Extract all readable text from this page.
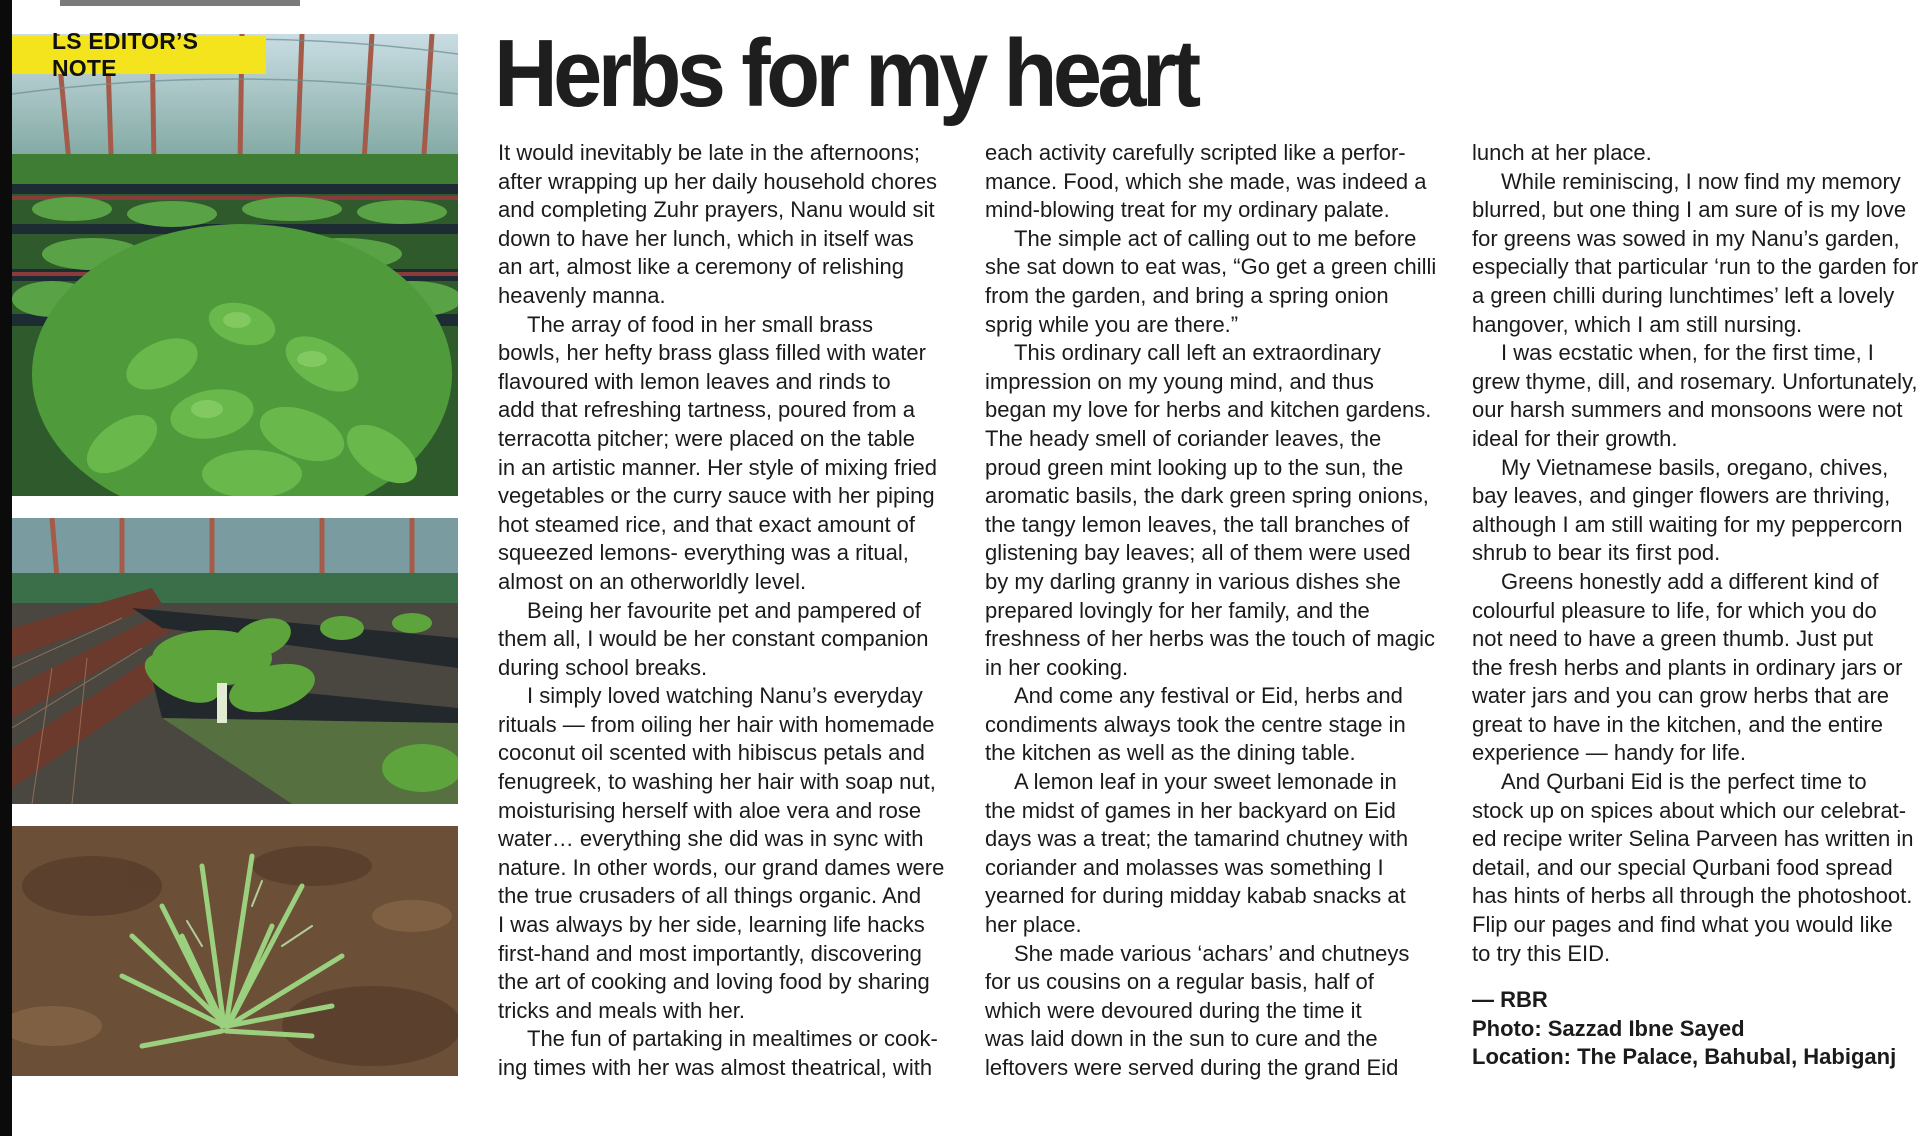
LS EDITOR’S NOTE	Herbs for my heart

It would inevitably be late in the afternoons;

after wrapping up her daily household chores

and completing Zuhr prayers, Nanu would sit

down to have her lunch, which in itself was

an art, almost like a ceremony of relishing

heavenly manna.

The array of food in her small brass

bowls, her hefty brass glass filled with water

flavoured with lemon leaves and rinds to

add that refreshing tartness, poured from a

terracotta pitcher; were placed on the table

in an artistic manner. Her style of mixing fried

vegetables or the curry sauce with her piping

hot steamed rice, and that exact amount of

squeezed lemons- everything was a ritual,

almost on an otherworldly level.

Being her favourite pet and pampered of

them all, I would be her constant companion

during school breaks.

I simply loved watching Nanu’s everyday

rituals — from oiling her hair with homemade

coconut oil scented with hibiscus petals and

fenugreek, to washing her hair with soap nut,

moisturising herself with aloe vera and rose

water… everything she did was in sync with

nature. In other words, our grand dames were

the true crusaders of all things organic. And

I was always by her side, learning life hacks

first-hand and most importantly, discovering

the art of cooking and loving food by sharing

tricks and meals with her.

The fun of partaking in mealtimes or cook-

ing times with her was almost theatrical, with

each activity carefully scripted like a perfor-

mance. Food, which she made, was indeed a

mind-blowing treat for my ordinary palate.

The simple act of calling out to me before

she sat down to eat was, “Go get a green chilli

from the garden, and bring a spring onion

sprig while you are there.”

This ordinary call left an extraordinary

impression on my young mind, and thus

began my love for herbs and kitchen gardens.

The heady smell of coriander leaves, the

proud green mint looking up to the sun, the

aromatic basils, the dark green spring onions,

the tangy lemon leaves, the tall branches of

glistening bay leaves; all of them were used

by my darling granny in various dishes she

prepared lovingly for her family, and the

freshness of her herbs was the touch of magic

in her cooking.

And come any festival or Eid, herbs and

condiments always took the centre stage in

the kitchen as well as the dining table.

A lemon leaf in your sweet lemonade in

the midst of games in her backyard on Eid

days was a treat; the tamarind chutney with

coriander and molasses was something I

yearned for during midday kabab snacks at

her place.

She made various ‘achars’ and chutneys

for us cousins on a regular basis, half of

which were devoured during the time it

was laid down in the sun to cure and the

leftovers were served during the grand Eid

lunch at her place.

While reminiscing, I now find my memory

blurred, but one thing I am sure of is my love

for greens was sowed in my Nanu’s garden,

especially that particular ‘run to the garden for

a green chilli during lunchtimes’ left a lovely

hangover, which I am still nursing.

I was ecstatic when, for the first time, I

grew thyme, dill, and rosemary. Unfortunately,

our harsh summers and monsoons were not

ideal for their growth.

My Vietnamese basils, oregano, chives,

bay leaves, and ginger flowers are thriving,

although I am still waiting for my peppercorn

shrub to bear its first pod.

Greens honestly add a different kind of

colourful pleasure to life, for which you do

not need to have a green thumb. Just put

the fresh herbs and plants in ordinary jars or

water jars and you can grow herbs that are

great to have in the kitchen, and the entire

experience — handy for life.

And Qurbani Eid is the perfect time to

stock up on spices about which our celebrat-

ed recipe writer Selina Parveen has written in

detail, and our special Qurbani food spread

has hints of herbs all through the photoshoot.

Flip our pages and find what you would like

to try this EID.

— RBR

Photo: Sazzad Ibne Sayed

Location: The Palace, Bahubal, Habiganj
